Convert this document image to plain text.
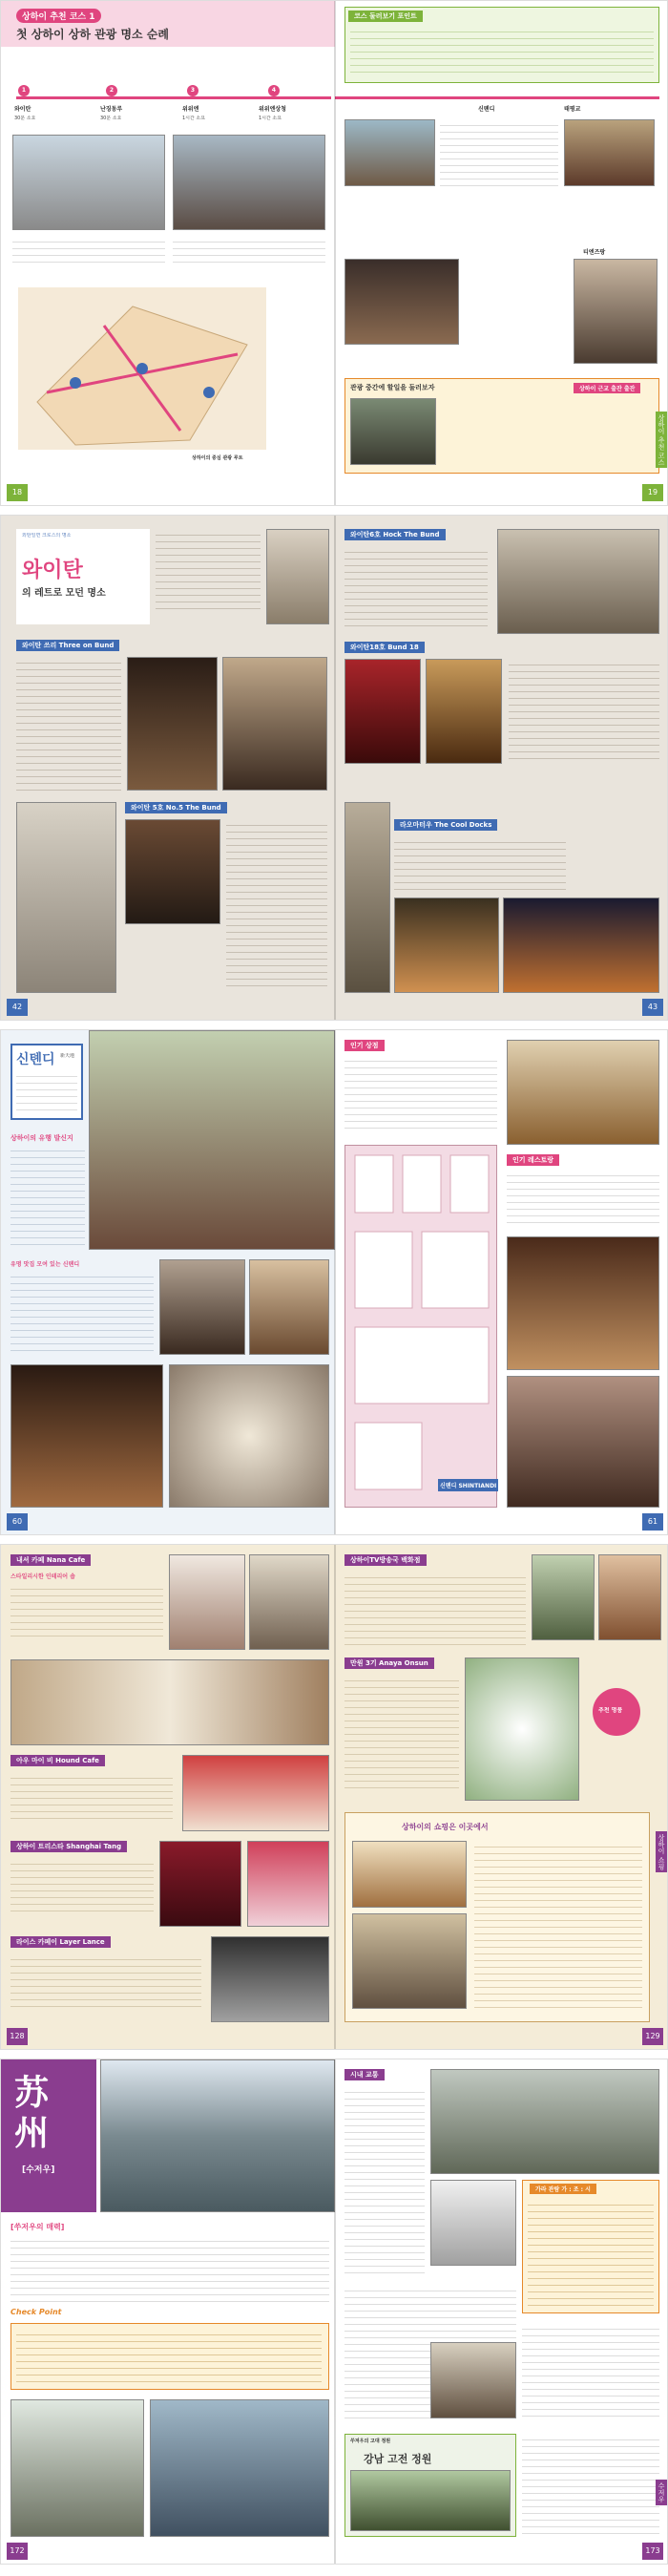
상하이 추천 코스 1
첫 상하이 상하 관광 명소 순례
1
와이탄
30분 소요
2
난징동루
30분 소요
3
위위엔
1시간 소요
4
위위엔상청
1시간 소요
상하이의 중심 관광 루트
18
코스 둘러보기 포인트
신톈디	태평교
티엔즈팡
관광 중간에 할일을 둘러보자	상하이 근교 출잔 출잔
상하이 추천 코스
19
외탄일면 크로스의 명소
와이탄
의 레트로 모던 명소
와이탄 쓰리 Three on Bund
와이탄 5호 No.5 The Bund
42
와이탄6호 Hock The Bund
와이탄18호 Bund 18
라오마터우 The Cool Docks
43
신톈디 新天地
상하이의 유행 발신지
유명 맛집 모여 있는 신톈디
60
인기 상점
인기 레스토랑
신톈디 SHINTIANDI
61
내셔 카페 Nana Cafe
스타일리시한 인테리어 숍
아우 마이 비 Hound Cafe
상하이 트리스타 Shanghai Tang
라이스 카페이 Layer Lance
128
상하이TV방송국 백화점
만원 3기 Anaya Onsun
추천 명품
상하이의 쇼핑은 이곳에서
상하이 쇼핑
129
苏州
[수저우]
[쑤저우의 매력]
Check Point
172
시내 교통
가라 관람 가 : 조 : 시
쑤저우의 고대 정원
강남 고전 정원
수저우
173
